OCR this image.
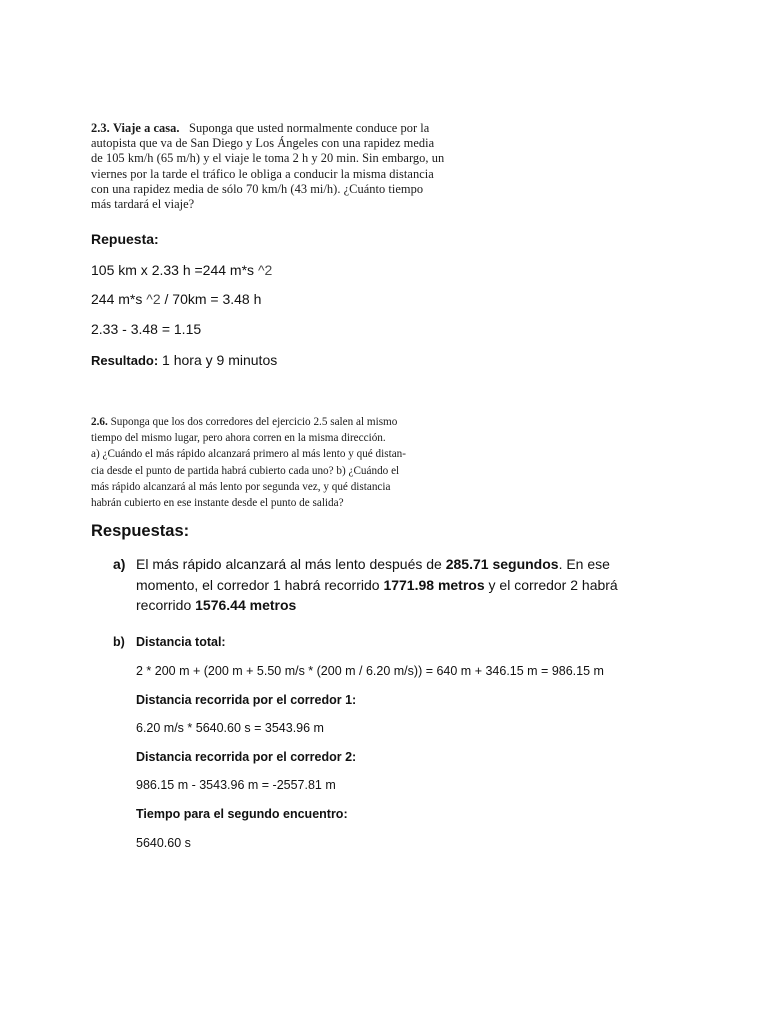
2.3. Viaje a casa. Suponga que usted normalmente conduce por la
autopista que va de San Diego y Los Ángeles con una rapidez media
de 105 km/h (65 m/h) y el viaje le toma 2 h y 20 min. Sin embargo, un
viernes por la tarde el tráfico le obliga a conducir la misma distancia
con una rapidez media de sólo 70 km/h (43 mi/h). ¿Cuánto tiempo
más tardará el viaje?
Repuesta:
105 km x 2.33 h =244 m*s ^2
244 m*s ^2 / 70km = 3.48 h
2.33 - 3.48 = 1.15
Resultado: 1 hora y 9 minutos
2.6. Suponga que los dos corredores del ejercicio 2.5 salen al mismo
tiempo del mismo lugar, pero ahora corren en la misma dirección.
a) ¿Cuándo el más rápido alcanzará primero al más lento y qué distan-
cia desde el punto de partida habrá cubierto cada uno? b) ¿Cuándo el
más rápido alcanzará al más lento por segunda vez, y qué distancia
habrán cubierto en ese instante desde el punto de salida?
Respuestas:
a) El más rápido alcanzará al más lento después de 285.71 segundos. En ese momento, el corredor 1 habrá recorrido 1771.98 metros y el corredor 2 habrá recorrido 1576.44 metros
b) Distancia total:
2 * 200 m + (200 m + 5.50 m/s * (200 m / 6.20 m/s)) = 640 m + 346.15 m = 986.15 m
Distancia recorrida por el corredor 1:
6.20 m/s * 5640.60 s = 3543.96 m
Distancia recorrida por el corredor 2:
986.15 m - 3543.96 m = -2557.81 m
Tiempo para el segundo encuentro:
5640.60 s
